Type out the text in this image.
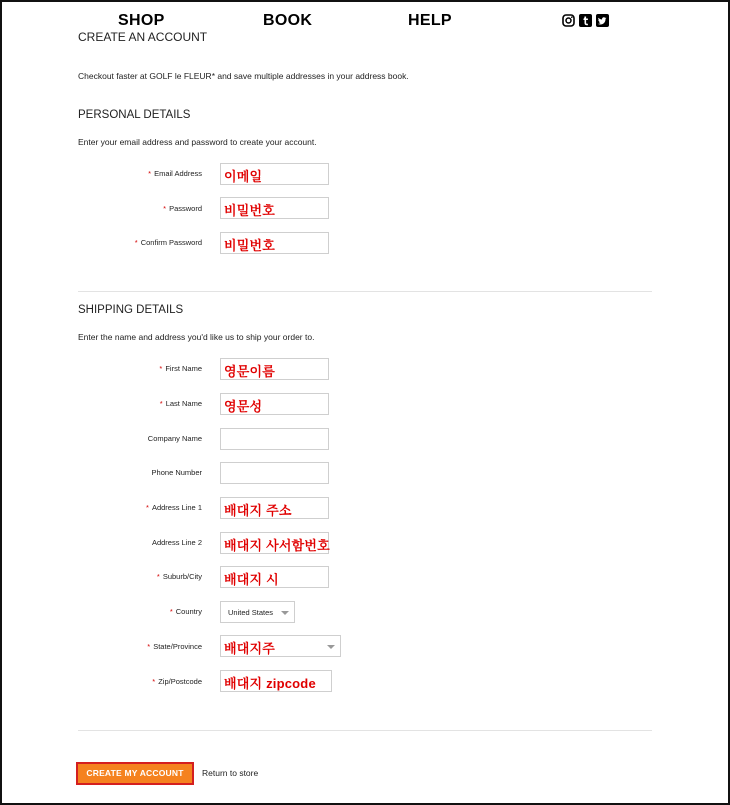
SHOP	BOOK	HELP
CREATE AN ACCOUNT
Checkout faster at GOLF le FLEUR* and save multiple addresses in your address book.
PERSONAL DETAILS
Enter your email address and password to create your account.
* Email Address 이메일
* Password 비밀번호
* Confirm Password 비밀번호
SHIPPING DETAILS
Enter the name and address you'd like us to ship your order to.
* First Name 영문이름
* Last Name 영문성
Company Name
Phone Number
* Address Line 1 배대지 주소
Address Line 2 배대지 사서함번호
* Suburb/City 배대지 시
* Country	United States
* State/Province 배대지주
* Zip/Postcode 배대지 zipcode
CREATE MY ACCOUNT	Return to store
